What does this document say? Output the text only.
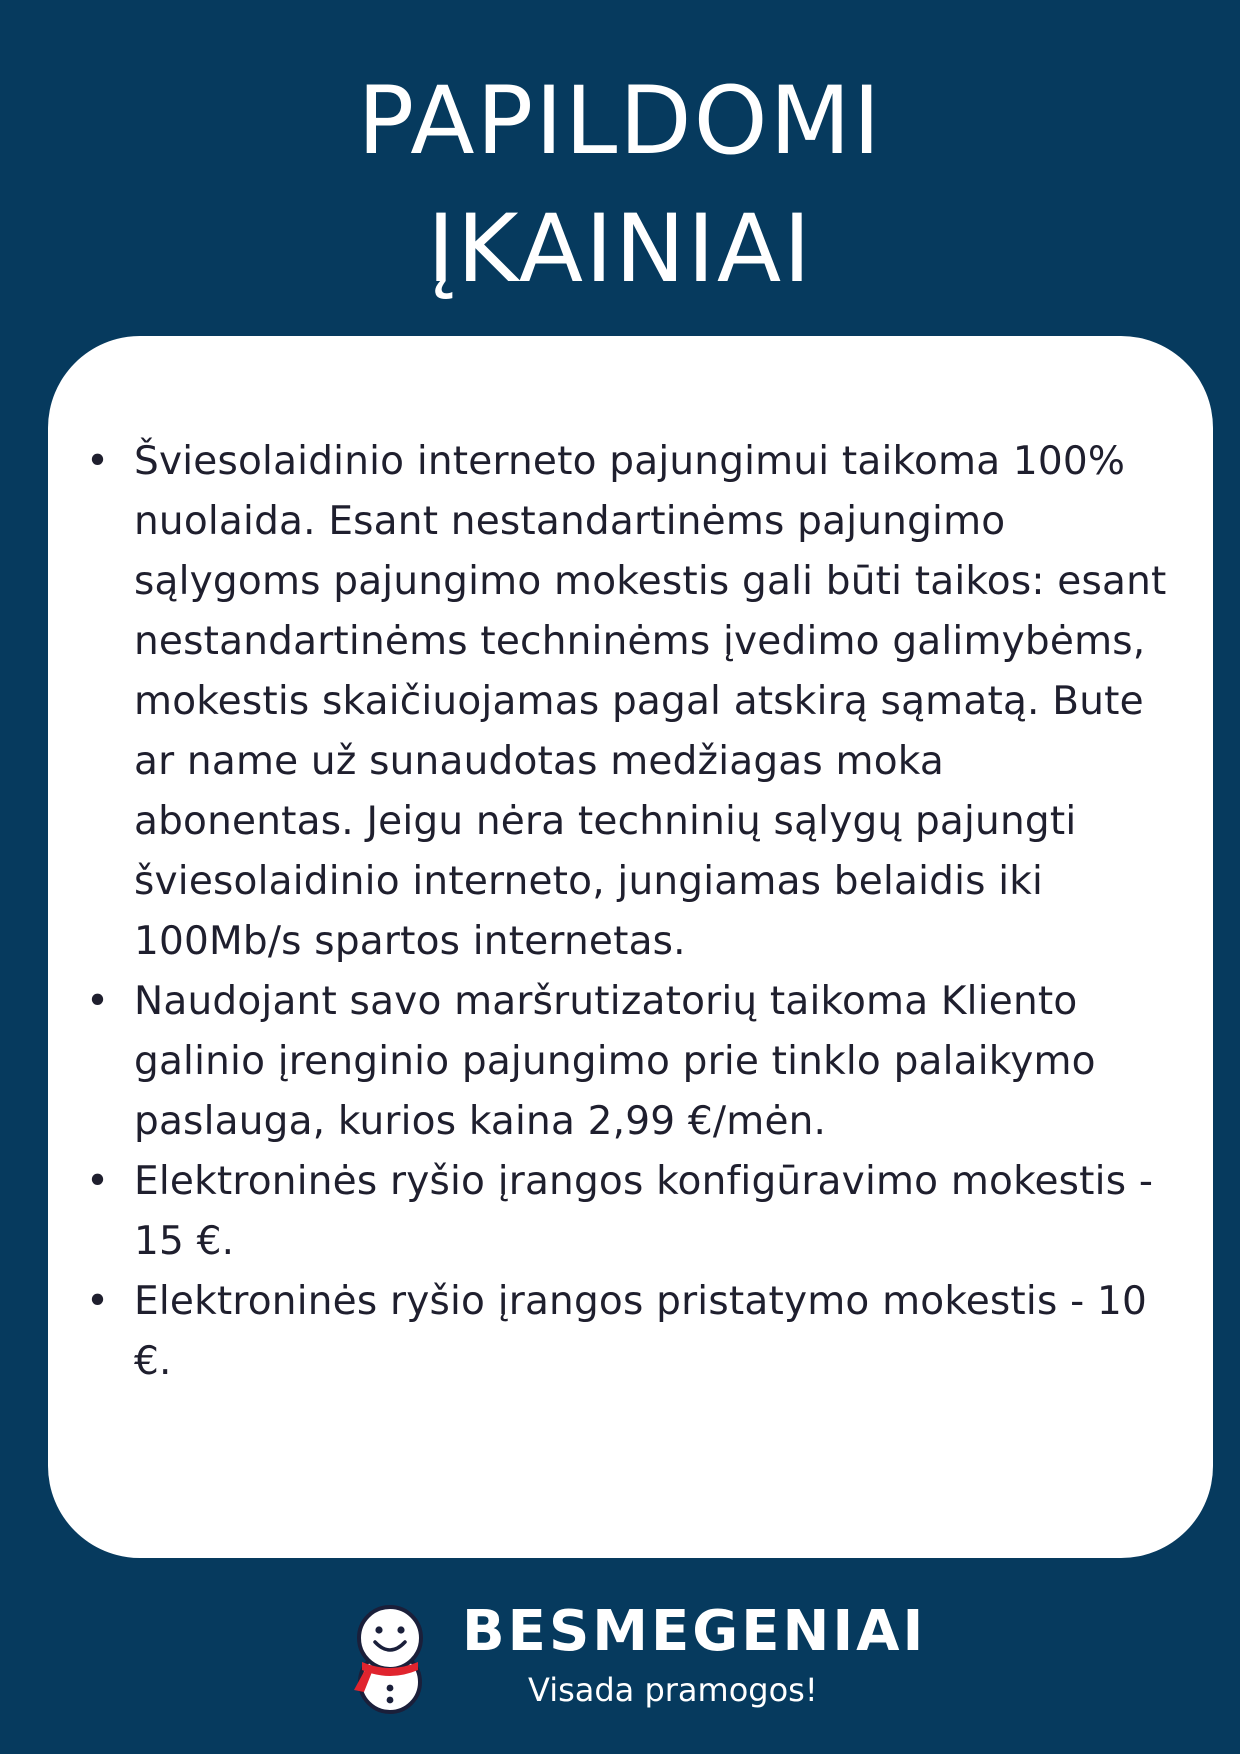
PAPILDOMI
ĮKAINIAI
• Šviesolaidinio interneto pajungimui taikoma 100% nuolaida. Esant nestandartinėms pajungimo sąlygoms pajungimo mokestis gali būti taikos: esant nestandartinėms techninėms įvedimo galimybėms, mokestis skaičiuojamas pagal atskirą sąmatą. Bute ar name už sunaudotas medžiagas moka abonentas. Jeigu nėra techninių sąlygų pajungti šviesolaidinio interneto, jungiamas belaidis iki 100Mb/s spartos internetas.
• Naudojant savo maršrutizatorių taikoma Kliento galinio įrenginio pajungimo prie tinklo palaikymo paslauga, kurios kaina 2,99 €/mėn.
• Elektroninės ryšio įrangos konfigūravimo mokestis - 15 €.
• Elektroninės ryšio įrangos pristatymo mokestis - 10 €.
BESMEGENIAI
Visada pramogos!
